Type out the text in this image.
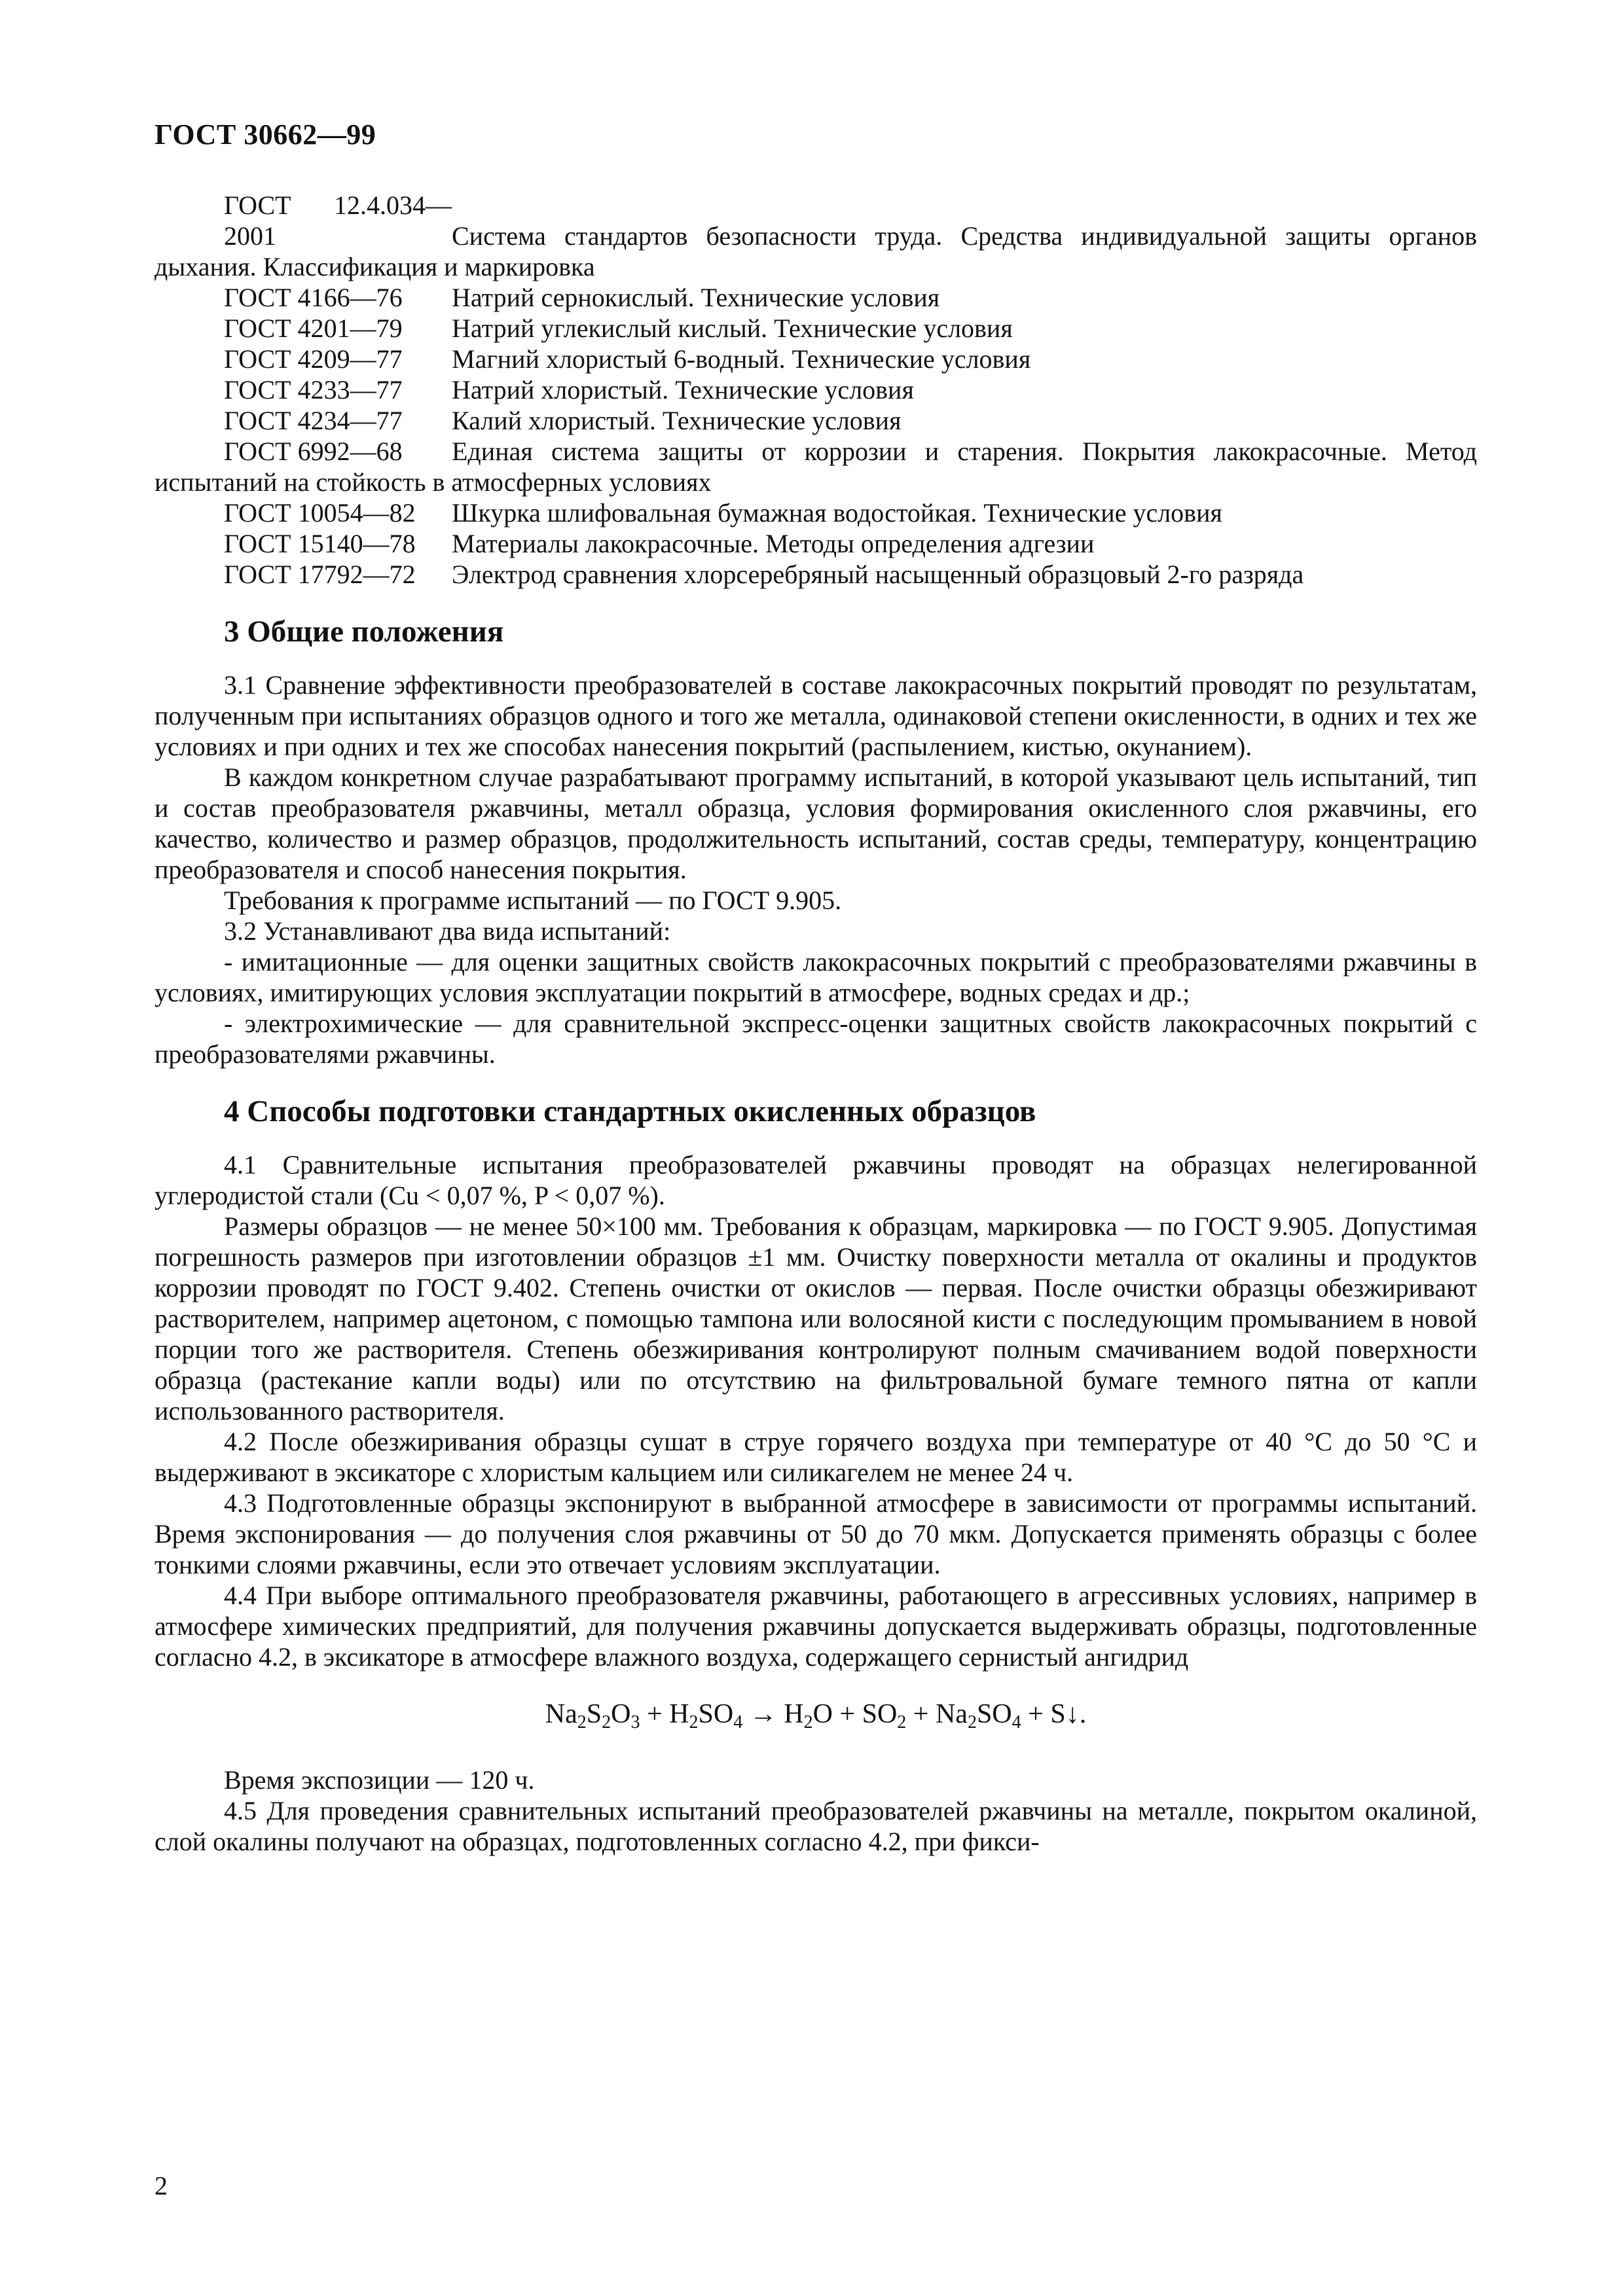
ГОСТ 30662—99

ГОСТ 12.4.034—2001	Система стандартов безопасности труда. Средства индивидуальной защиты органов дыхания. Классификация и маркировка

ГОСТ 4166—76 Натрий сернокислый. Технические условия

ГОСТ 4201—79 Натрий углекислый кислый. Технические условия

ГОСТ 4209—77 Магний хлористый 6-водный. Технические условия

ГОСТ 4233—77 Натрий хлористый. Технические условия

ГОСТ 4234—77 Калий хлористый. Технические условия

ГОСТ 6992—68 Единая система защиты от коррозии и старения. Покрытия лакокрасочные. Метод испытаний на стойкость в атмосферных условиях

ГОСТ 10054—82 Шкурка шлифовальная бумажная водостойкая. Технические условия

ГОСТ 15140—78 Материалы лакокрасочные. Методы определения адгезии

ГОСТ 17792—72 Электрод сравнения хлорсеребряный насыщенный образцовый 2-го разряда

3 Общие положения

3.1 Сравнение эффективности преобразователей в составе лакокрасочных покрытий проводят по результатам, полученным при испытаниях образцов одного и того же металла, одинаковой степени окисленности, в одних и тех же условиях и при одних и тех же способах нанесения покрытий (распылением, кистью, окунанием).

В каждом конкретном случае разрабатывают программу испытаний, в которой указывают цель испытаний, тип и состав преобразователя ржавчины, металл образца, условия формирования окисленного слоя ржавчины, его качество, количество и размер образцов, продолжительность испытаний, состав среды, температуру, концентрацию преобразователя и способ нанесения покрытия.

Требования к программе испытаний — по ГОСТ 9.905.

3.2 Устанавливают два вида испытаний:

- имитационные — для оценки защитных свойств лакокрасочных покрытий с преобразователями ржавчины в условиях, имитирующих условия эксплуатации покрытий в атмосфере, водных средах и др.;

- электрохимические — для сравнительной экспресс-оценки защитных свойств лакокрасочных покрытий с преобразователями ржавчины.

4 Способы подготовки стандартных окисленных образцов

4.1 Сравнительные испытания преобразователей ржавчины проводят на образцах нелегированной углеродистой стали (Cu < 0,07 %, P < 0,07 %).

Размеры образцов — не менее 50×100 мм. Требования к образцам, маркировка — по ГОСТ 9.905. Допустимая погрешность размеров при изготовлении образцов ±1 мм. Очистку поверхности металла от окалины и продуктов коррозии проводят по ГОСТ 9.402. Степень очистки от окислов — первая. После очистки образцы обезжиривают растворителем, например ацетоном, с помощью тампона или волосяной кисти с последующим промыванием в новой порции того же растворителя. Степень обезжиривания контролируют полным смачиванием водой поверхности образца (растекание капли воды) или по отсутствию на фильтровальной бумаге темного пятна от капли использованного растворителя.

4.2 После обезжиривания образцы сушат в струе горячего воздуха при температуре от 40 °С до 50 °С и выдерживают в эксикаторе с хлористым кальцием или силикагелем не менее 24 ч.

4.3 Подготовленные образцы экспонируют в выбранной атмосфере в зависимости от программы испытаний. Время экспонирования — до получения слоя ржавчины от 50 до 70 мкм. Допускается применять образцы с более тонкими слоями ржавчины, если это отвечает условиям эксплуатации.

4.4 При выборе оптимального преобразователя ржавчины, работающего в агрессивных условиях, например в атмосфере химических предприятий, для получения ржавчины допускается выдерживать образцы, подготовленные согласно 4.2, в эксикаторе в атмосфере влажного воздуха, содержащего сернистый ангидрид

$Na_2S_2O_3 + H_2SO_4 \to H_2O + SO_2 + Na_2SO_4$ + S↓.

Время экспозиции — 120 ч.

4.5 Для проведения сравнительных испытаний преобразователей ржавчины на металле, покрытом окалиной, слой окалины получают на образцах, подготовленных согласно 4.2, при фикси-

2
